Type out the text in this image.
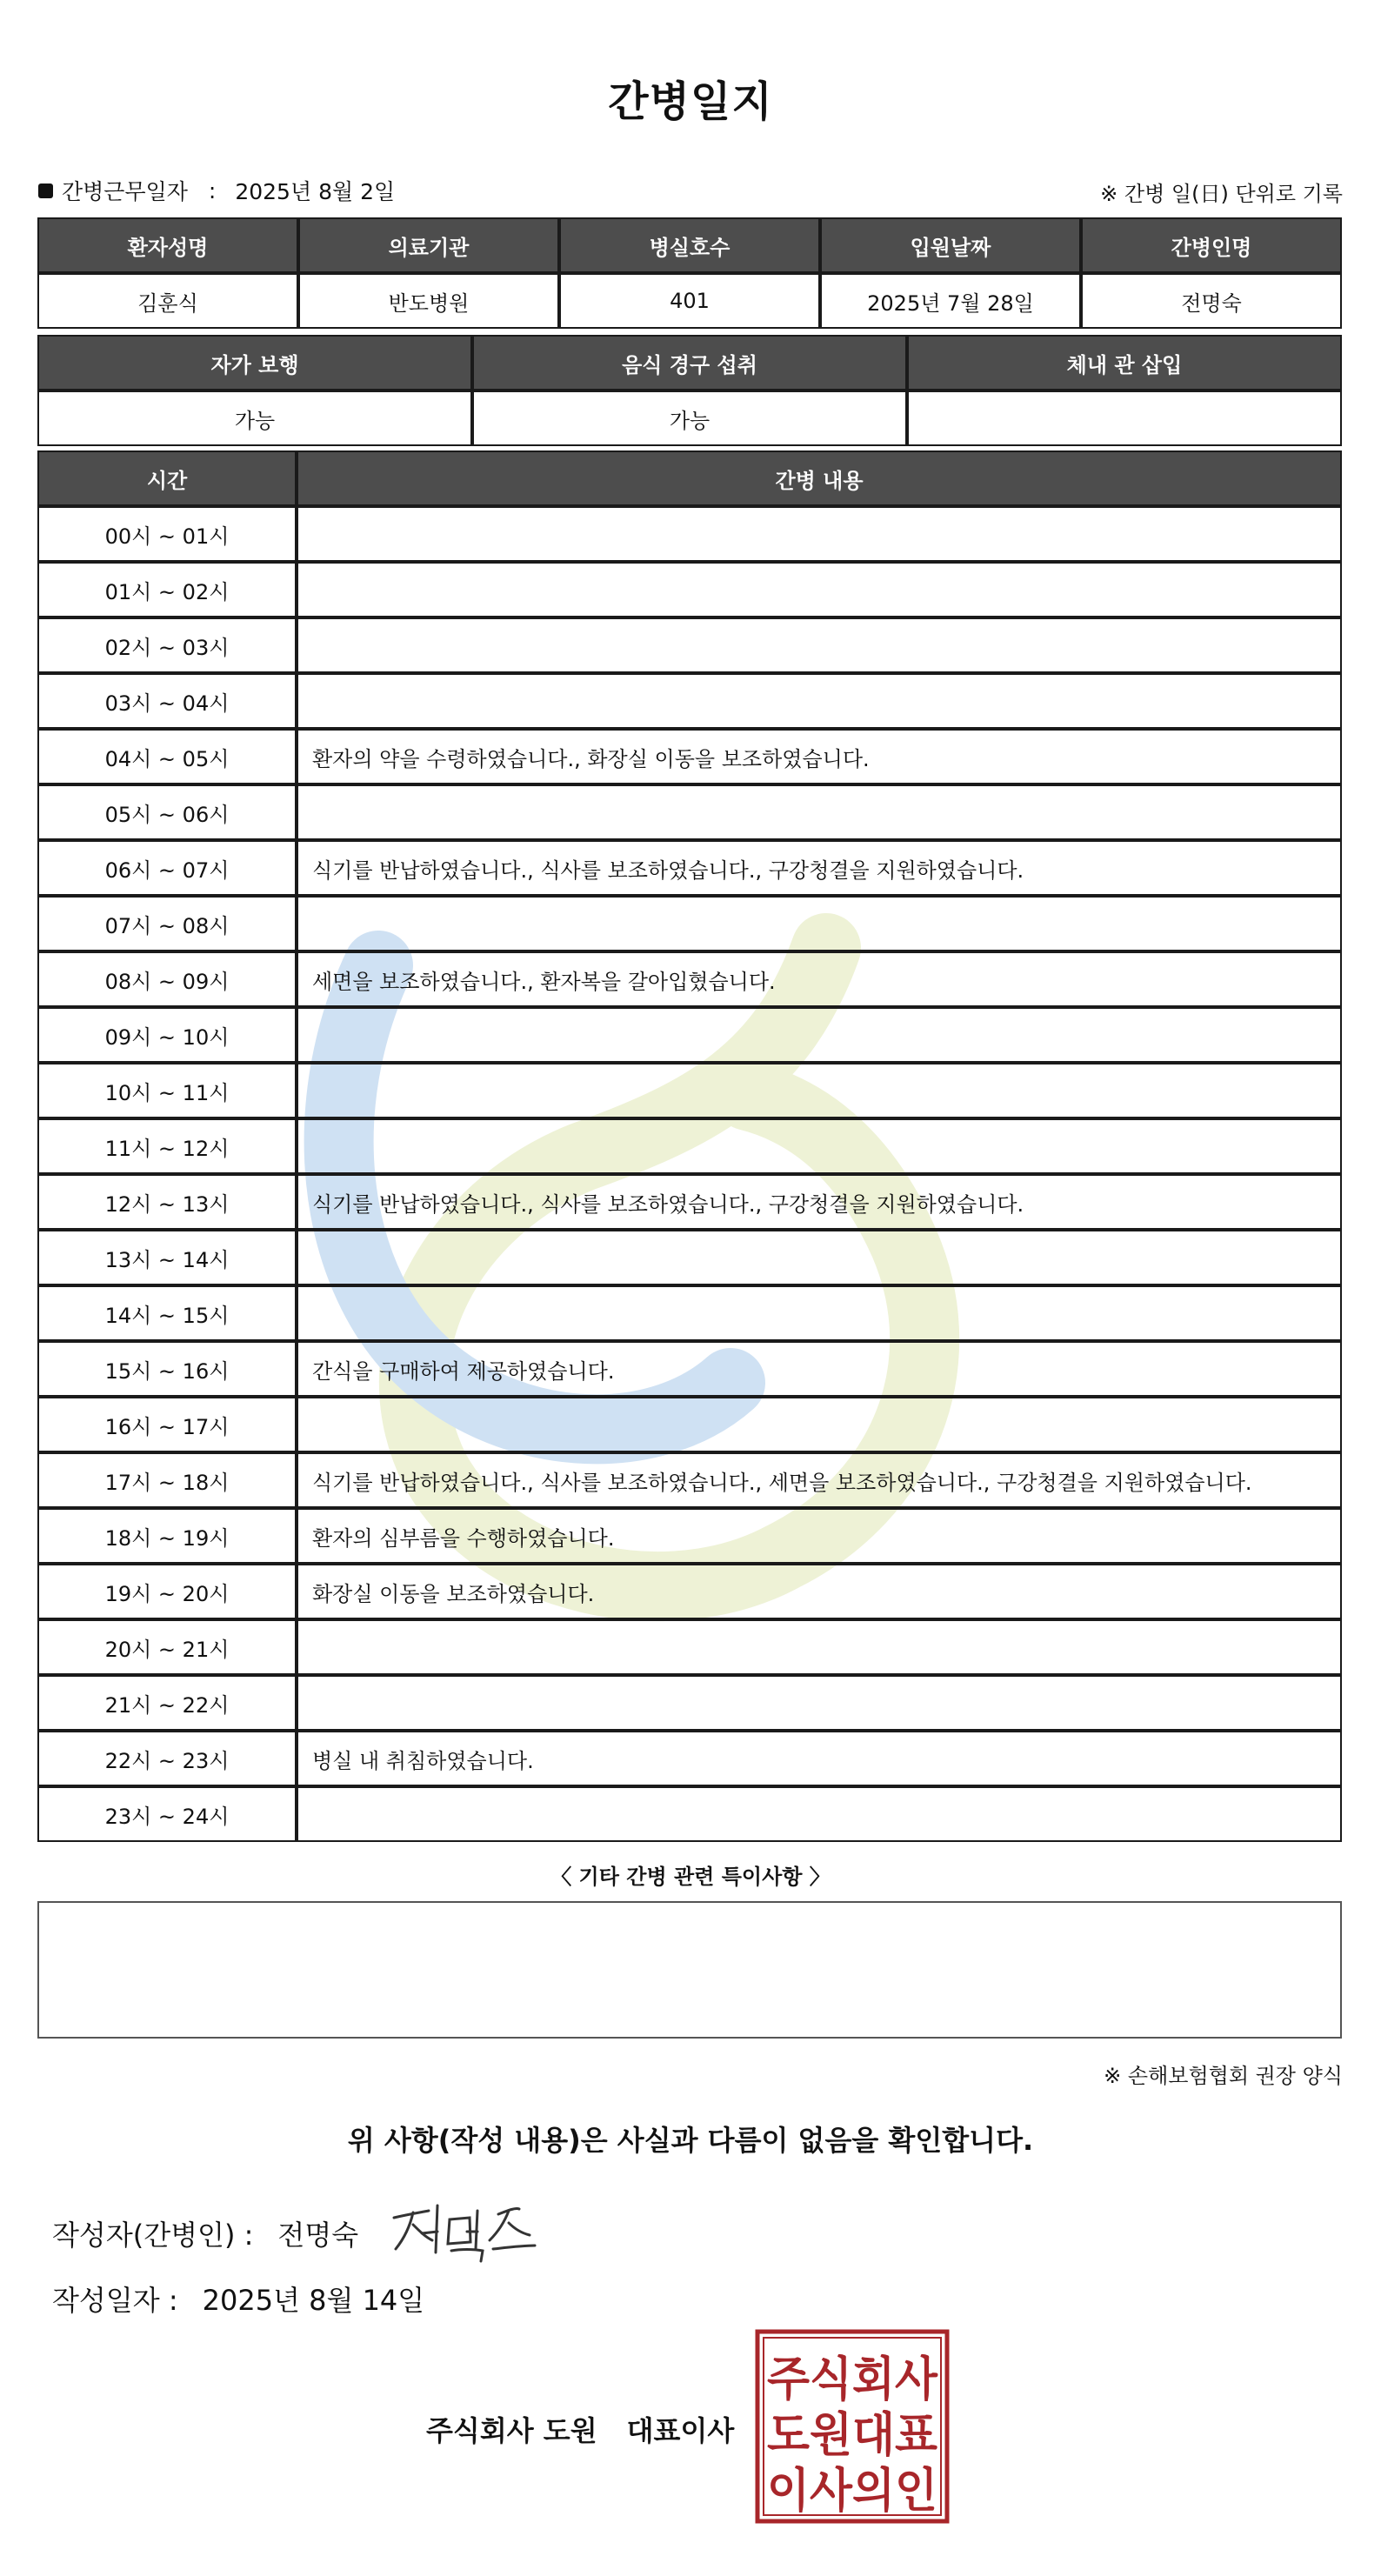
간병일지
간병근무일자 : 2025년 8월 2일	※ 간병 일(日) 단위로 기록
환자성명	의료기관	병실호수	입원날짜	간병인명
김훈식	반도병원	401	2025년 7월 28일	전명숙
자가 보행	음식 경구 섭취	체내 관 삽입
가능	가능	
시간	간병 내용
00시 ~ 01시	
01시 ~ 02시	
02시 ~ 03시	
03시 ~ 04시	
04시 ~ 05시	환자의 약을 수령하였습니다., 화장실 이동을 보조하였습니다.
05시 ~ 06시	
06시 ~ 07시	식기를 반납하였습니다., 식사를 보조하였습니다., 구강청결을 지원하였습니다.
07시 ~ 08시	
08시 ~ 09시	세면을 보조하였습니다., 환자복을 갈아입혔습니다.
09시 ~ 10시	
10시 ~ 11시	
11시 ~ 12시	
12시 ~ 13시	식기를 반납하였습니다., 식사를 보조하였습니다., 구강청결을 지원하였습니다.
13시 ~ 14시	
14시 ~ 15시	
15시 ~ 16시	간식을 구매하여 제공하였습니다.
16시 ~ 17시	
17시 ~ 18시	식기를 반납하였습니다., 식사를 보조하였습니다., 세면을 보조하였습니다., 구강청결을 지원하였습니다.
18시 ~ 19시	환자의 심부름을 수행하였습니다.
19시 ~ 20시	화장실 이동을 보조하였습니다.
20시 ~ 21시	
21시 ~ 22시	
22시 ~ 23시	병실 내 취침하였습니다.
23시 ~ 24시	
〈 기타 간병 관련 특이사항 〉
※ 손해보험협회 권장 양식
위 사항(작성 내용)은 사실과 다름이 없음을 확인합니다.
작성자(간병인) : 전명숙
작성일자 : 2025년 8월 14일
주식회사 도원 대표이사
주식회사
도원대표
이사의인
